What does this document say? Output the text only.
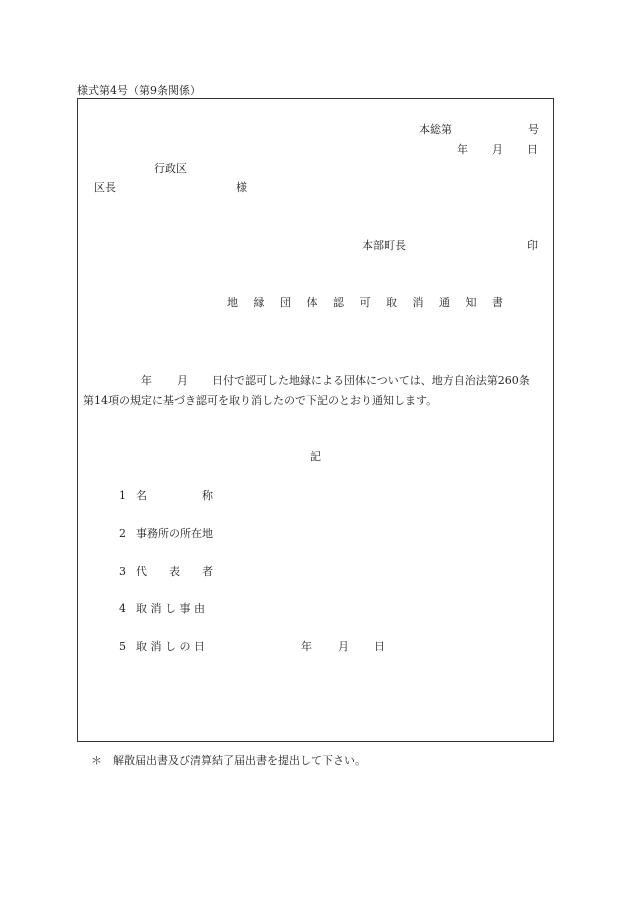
様式第4号（第9条関係）
本総第	号
年 月 日
行政区
区長	様
本部町長	印
地 縁 団 体 認 可 取 消 通 知 書
年 月 日付で認可した地縁による団体については、地方自治法第260条
第14項の規定に基づき認可を取り消したので下記のとおり通知します。
記
1 名　　　　　称
2 事務所の所在地
3 代　　表　　者
4 取 消 し 事 由
5 取 消 し の 日	年 月 日
＊ 解散届出書及び清算結了届出書を提出して下さい。
